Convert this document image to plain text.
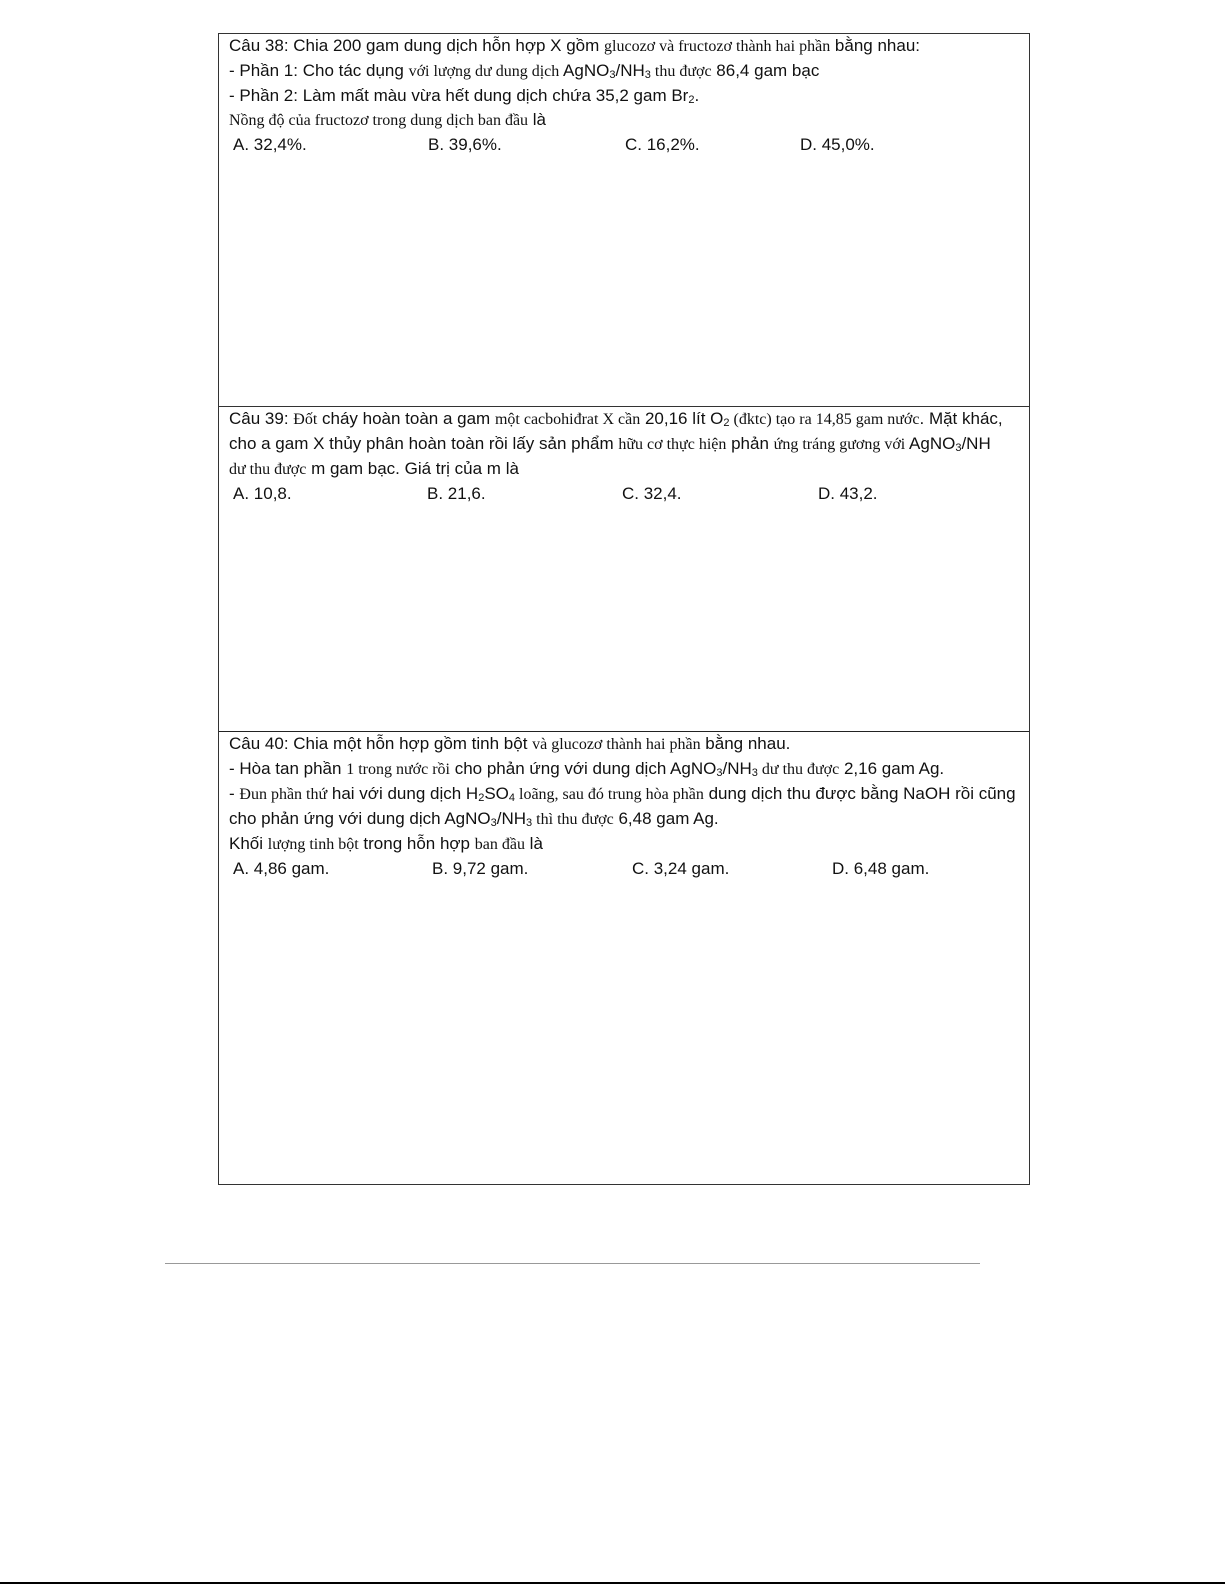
Câu 38: Chia 200 gam dung dịch hỗn hợp X gồm glucozơ và fructozơ thành hai phần bằng nhau:
- Phần 1: Cho tác dụng với lượng dư dung dịch $AgNO_3/NH_3$ thu được 86,4 gam bạc
- Phần 2: Làm mất màu vừa hết dung dịch chứa 35,2 gam $Br_2$.
Nồng độ của fructozơ trong dung dịch ban đầu là
A. 32,4%.	B. 39,6%.	C. 16,2%.	D. 45,0%.
Câu 39: Đốt cháy hoàn toàn a gam một cacbohiđrat X cần 20,16 lít $O_2$ (đktc) tạo ra 14,85 gam nước. Mặt khác,
cho a gam X thủy phân hoàn toàn rồi lấy sản phẩm hữu cơ thực hiện phản ứng tráng gương với AgNO$_3$/NH
dư thu được m gam bạc. Giá trị của m là
A. 10,8.	B. 21,6.	C. 32,4.	D. 43,2.
Câu 40: Chia một hỗn hợp gồm tinh bột và glucozơ thành hai phần bằng nhau.
- Hòa tan phần 1 trong nước rồi cho phản ứng với dung dịch $AgNO_3/NH_3$ dư thu được 2,16 gam Ag.
- Đun phần thứ hai với dung dịch $H_2SO_4$ loãng, sau đó trung hòa phần dung dịch thu được bằng NaOH rồi cũng
cho phản ứng với dung dịch $AgNO_3/NH_3$ thì thu được 6,48 gam Ag.
Khối lượng tinh bột trong hỗn hợp ban đầu là
A. 4,86 gam.	B. 9,72 gam.	C. 3,24 gam.	D. 6,48 gam.
